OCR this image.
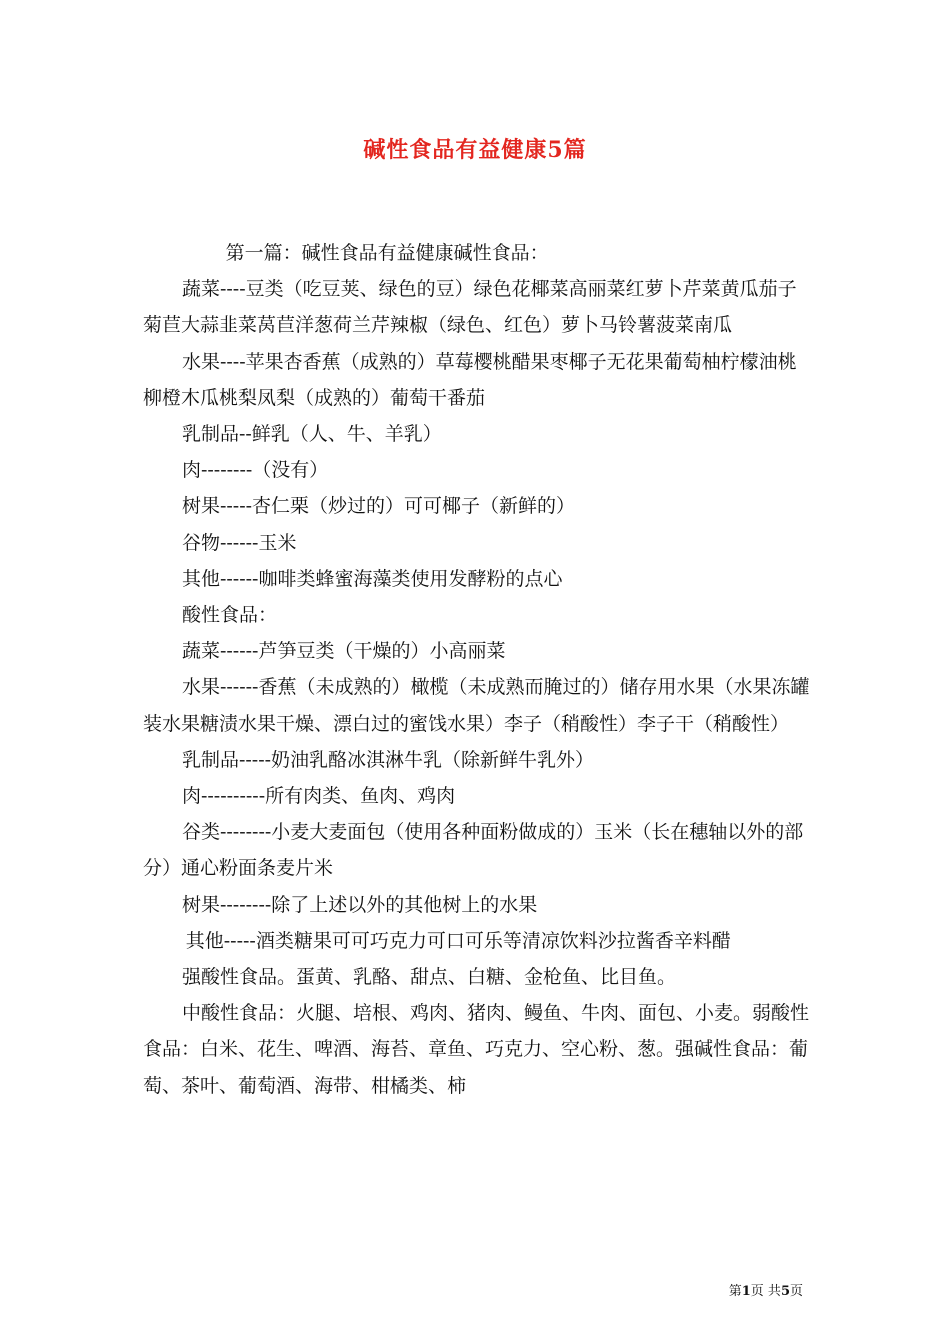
碱性食品有益健康5篇

第一篇：碱性食品有益健康碱性食品：

蔬菜----豆类（吃豆荚、绿色的豆）绿色花椰菜高丽菜红萝卜芹菜黄瓜茄子菊苣大蒜韭菜莴苣洋葱荷兰芹辣椒（绿色、红色）萝卜马铃薯菠菜南瓜

水果----苹果杏香蕉（成熟的）草莓樱桃醋果枣椰子无花果葡萄柚柠檬油桃柳橙木瓜桃梨凤梨（成熟的）葡萄干番茄

乳制品--鲜乳（人、牛、羊乳）

肉--------（没有）

树果-----杏仁栗（炒过的）可可椰子（新鲜的）

谷物------玉米

其他------咖啡类蜂蜜海藻类使用发酵粉的点心

酸性食品：

蔬菜------芦笋豆类（干燥的）小高丽菜

水果------香蕉（未成熟的）橄榄（未成熟而腌过的）储存用水果（水果冻罐装水果糖渍水果干燥、漂白过的蜜饯水果）李子（稍酸性）李子干（稍酸性）

乳制品-----奶油乳酪冰淇淋牛乳（除新鲜牛乳外）

肉----------所有肉类、鱼肉、鸡肉

谷类--------小麦大麦面包（使用各种面粉做成的）玉米（长在穗轴以外的部分）通心粉面条麦片米

树果--------除了上述以外的其他树上的水果

其他-----酒类糖果可可巧克力可口可乐等清凉饮料沙拉酱香辛料醋

强酸性食品。蛋黄、乳酪、甜点、白糖、金枪鱼、比目鱼。

中酸性食品：火腿、培根、鸡肉、猪肉、鳗鱼、牛肉、面包、小麦。弱酸性食品：白米、花生、啤酒、海苔、章鱼、巧克力、空心粉、葱。强碱性食品：葡萄、茶叶、葡萄酒、海带、柑橘类、柿

第1页 共5页
